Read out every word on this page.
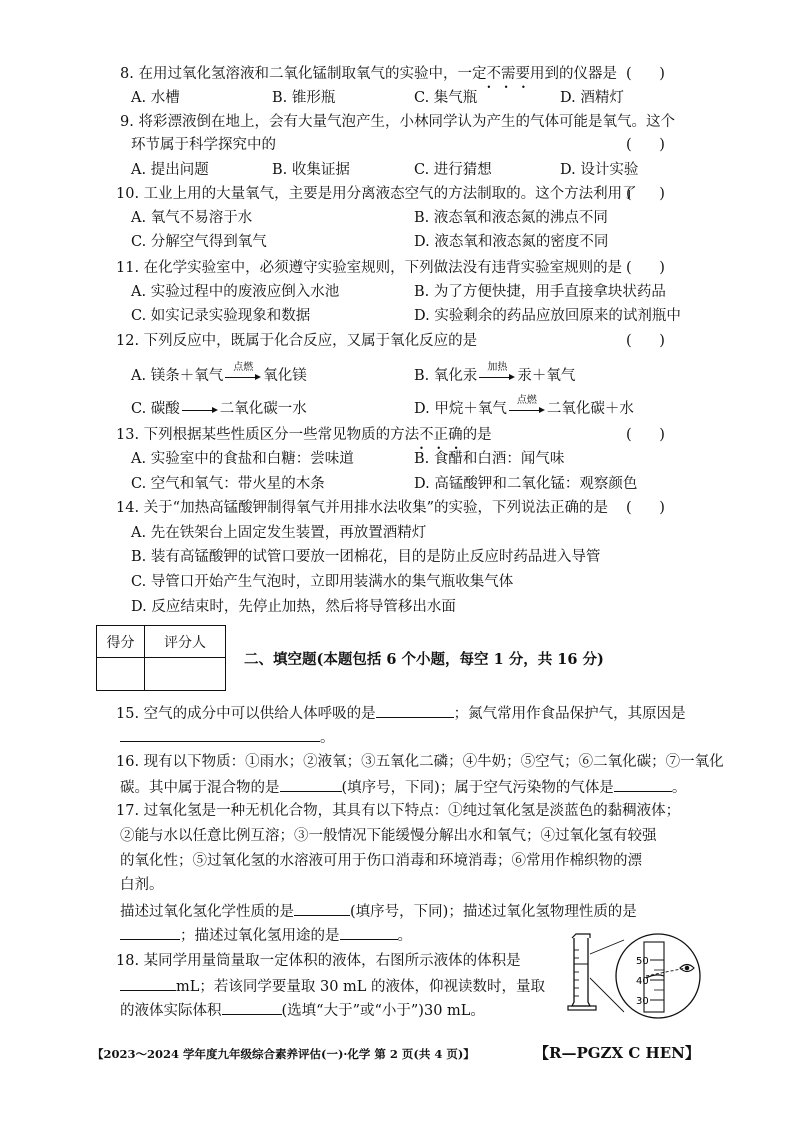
8. 在用过氧化氢溶液和二氧化锰制取氧气的实验中，一定不需要 • • •用到的仪器是 (      )
A. 水槽	B. 锥形瓶	C. 集气瓶	D. 酒精灯
9. 将彩漂液倒在地上，会有大量气泡产生，小林同学认为产生的气体可能是氧气。这个
环节属于科学探究中的	(      )
A. 提出问题	B. 收集证据	C. 进行猜想	D. 设计实验
10. 工业上用的大量氧气，主要是用分离液态空气的方法制取的。这个方法利用了
(      )
A. 氧气不易溶于水	B. 液态氧和液态氮的沸点不同
C. 分解空气得到氧气	D. 液态氧和液态氮的密度不同
11. 在化学实验室中，必须遵守实验室规则，下列做法没有违背实验室规则的是 (      )
A. 实验过程中的废液应倒入水池	B. 为了方便快捷，用手直接拿块状药品
C. 如实记录实验现象和数据	D. 实验剩余的药品应放回原来的试剂瓶中
12. 下列反应中，既属于化合反应，又属于氧化反应的是	(      )
A. 镁条＋氧气
点燃
氧化镁	B. 氧化汞
加热
汞＋氧气
C. 碳酸	二氧化碳一水	D. 甲烷＋氧气
点燃
二氧化碳＋水
13. 下列根据某些性质区分一些常见物质的方法不正 • • •确的是	(      )
A. 实验室中的食盐和白糖：尝味道	B. 食醋和白酒：闻气味
C. 空气和氧气：带火星的木条	D. 高锰酸钾和二氧化锰：观察颜色
14. 关于“加热高锰酸钾制得氧气并用排水法收集”的实验，下列说法正确的是 (      )
A. 先在铁架台上固定发生装置，再放置酒精灯
B. 装有高锰酸钾的试管口要放一团棉花，目的是防止反应时药品进入导管
C. 导管口开始产生气泡时，立即用装满水的集气瓶收集气体
D. 反应结束时，先停止加热，然后将导管移出水面
得分	评分人
二、填空题(本题包括 6 个小题，每空 1 分，共 16 分)
15. 空气的成分中可以供给人体呼吸的是	；氮气常用作食品保护气，其原因是
。
16. 现有以下物质：①雨水；②液氧；③五氧化二磷；④牛奶；⑤空气；⑥二氧化碳；⑦一氧化
碳。其中属于混合物的是	(填序号，下同)；属于空气污染物的气体是	。
17. 过氧化氢是一种无机化合物，其具有以下特点：①纯过氧化氢是淡蓝色的黏稠液体；
②能与水以任意比例互溶；③一般情况下能缓慢分解出水和氧气；④过氧化氢有较强
的氧化性；⑤过氧化氢的水溶液可用于伤口消毒和环境消毒；⑥常用作棉织物的漂
白剂。
描述过氧化氢化学性质的是	(填序号，下同)；描述过氧化氢物理性质的是
；描述过氧化氢用途的是	。
18. 某同学用量筒量取一定体积的液体，右图所示液体的体积是
mL；若该同学要量取 30 mL 的液体，仰视读数时，量取
的液体实际体积	(选填“大于”或“小于”)30 mL。
50
40
30
【2023～2024 学年度九年级综合素养评估(一)·化学 第 2 页(共 4 页)】	【R—PGZX C HEN】
